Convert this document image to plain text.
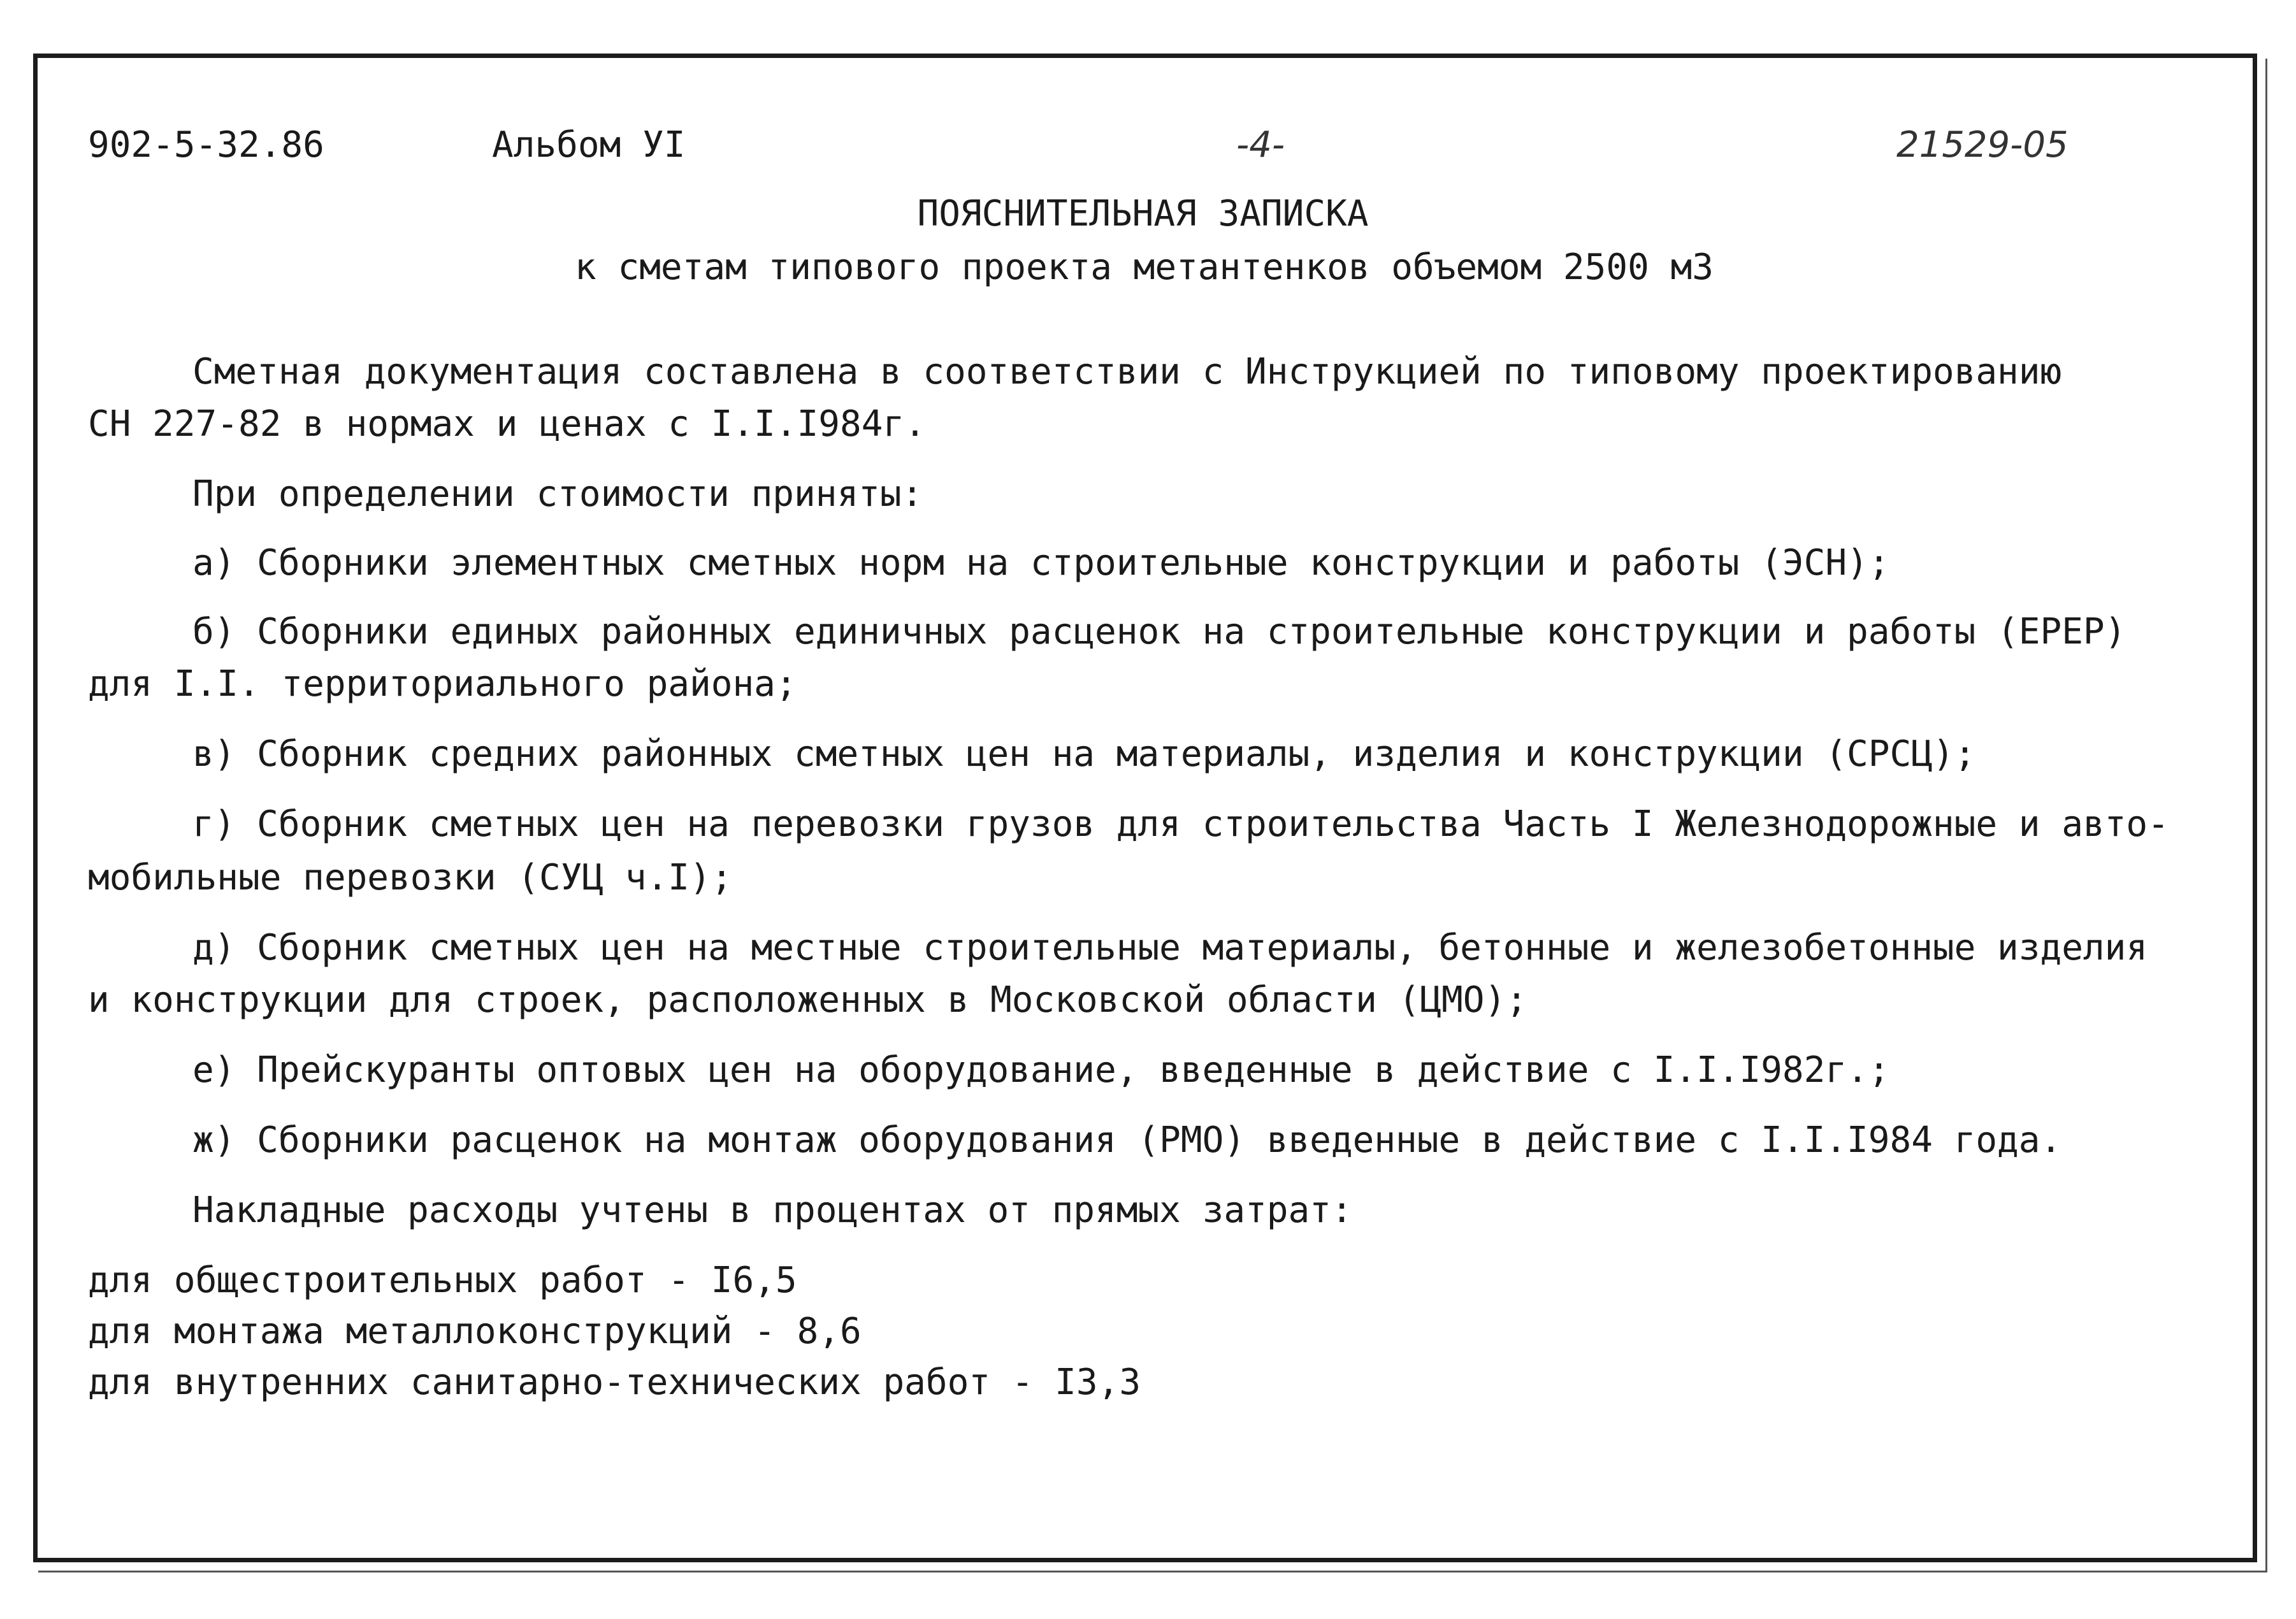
902-5-32.86	Альбом УI	-4-	21529-05
ПОЯСНИТЕЛЬНАЯ ЗАПИСКА
к сметам типового проекта метантенков объемом 2500 м3
Сметная документация составлена в соответствии с Инструкцией по типовому проектированию
СН 227-82 в нормах и ценах с I.I.I984г.
При определении стоимости приняты:
а) Сборники элементных сметных норм на строительные конструкции и работы (ЭСН);
б) Сборники единых районных единичных расценок на строительные конструкции и работы (ЕРЕР)
для I.I. территориального района;
в) Сборник средних районных сметных цен на материалы, изделия и конструкции (СРСЦ);
г) Сборник сметных цен на перевозки грузов для строительства Часть I Железнодорожные и авто-
мобильные перевозки (СУЦ ч.I);
д) Сборник сметных цен на местные строительные материалы, бетонные и железобетонные изделия
и конструкции для строек, расположенных в Московской области (ЦМО);
е) Прейскуранты оптовых цен на оборудование, введенные в действие с I.I.I982г.;
ж) Сборники расценок на монтаж оборудования (РМО) введенные в действие с I.I.I984 года.
Накладные расходы учтены в процентах от прямых затрат:
для общестроительных работ - I6,5
для монтажа металлоконструкций - 8,6
для внутренних санитарно-технических работ - I3,3
